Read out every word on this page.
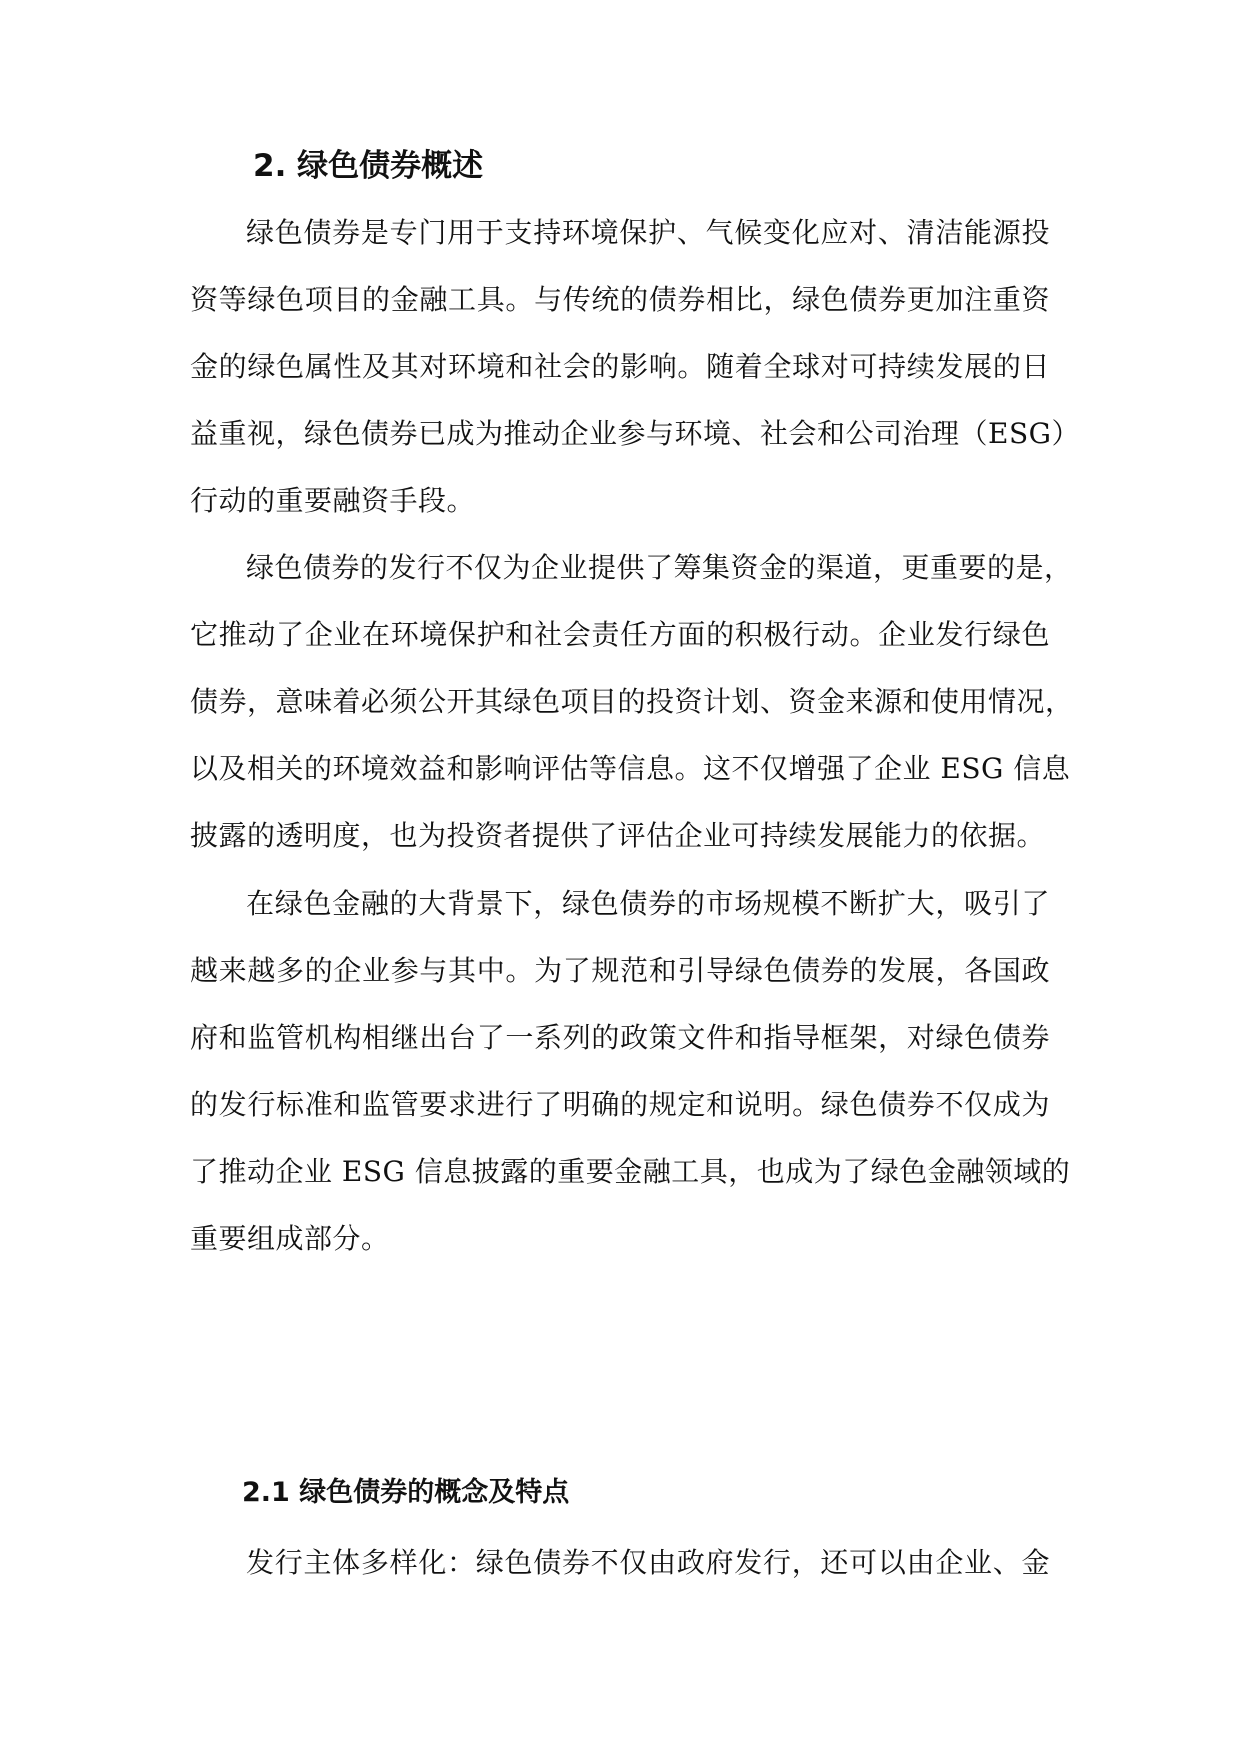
2. 绿色债券概述
绿色债券是专门用于支持环境保护、气候变化应对、清洁能源投
资等绿色项目的金融工具。与传统的债券相比，绿色债券更加注重资
金的绿色属性及其对环境和社会的影响。随着全球对可持续发展的日
益重视，绿色债券已成为推动企业参与环境、社会和公司治理（ESG）
行动的重要融资手段。
绿色债券的发行不仅为企业提供了筹集资金的渠道，更重要的是，
它推动了企业在环境保护和社会责任方面的积极行动。企业发行绿色
债券，意味着必须公开其绿色项目的投资计划、资金来源和使用情况，
以及相关的环境效益和影响评估等信息。这不仅增强了企业 ESG 信息
披露的透明度，也为投资者提供了评估企业可持续发展能力的依据。
在绿色金融的大背景下，绿色债券的市场规模不断扩大，吸引了
越来越多的企业参与其中。为了规范和引导绿色债券的发展，各国政
府和监管机构相继出台了一系列的政策文件和指导框架，对绿色债券
的发行标准和监管要求进行了明确的规定和说明。绿色债券不仅成为
了推动企业 ESG 信息披露的重要金融工具，也成为了绿色金融领域的
重要组成部分。
2.1 绿色债券的概念及特点
发行主体多样化：绿色债券不仅由政府发行，还可以由企业、金
